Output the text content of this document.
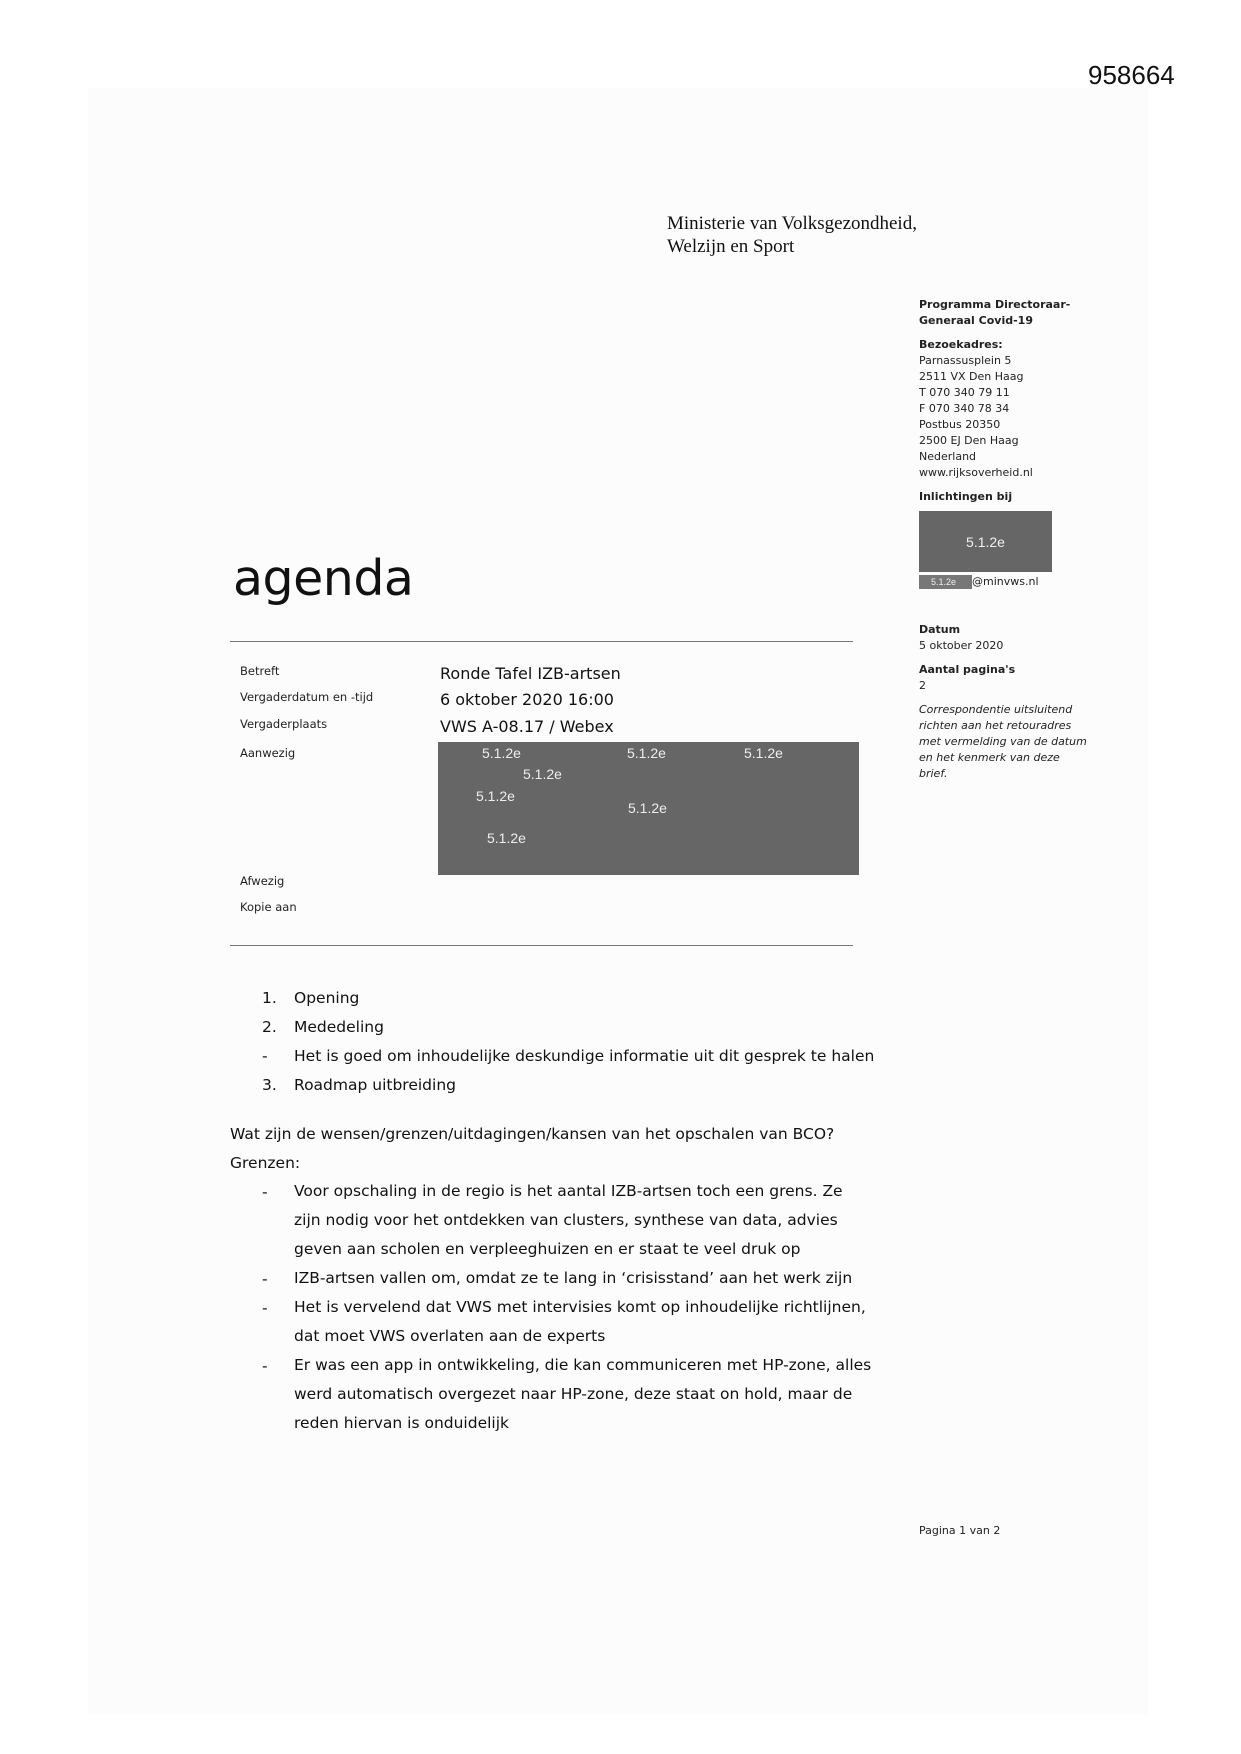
958664
Ministerie van Volksgezondheid,
Welzijn en Sport
Programma Directoraar-
Generaal Covid-19
Bezoekadres:
Parnassusplein 5
2511 VX Den Haag
T 070 340 79 11
F 070 340 78 34
Postbus 20350
2500 EJ Den Haag
Nederland
www.rijksoverheid.nl
Inlichtingen bij
5.1.2e
5.1.2e	@minvws.nl
Datum
5 oktober 2020
Aantal pagina's
2
Correspondentie uitsluitend
richten aan het retouradres
met vermelding van de datum
en het kenmerk van deze
brief.
agenda
Betreft	Ronde Tafel IZB-artsen
Vergaderdatum en -tijd	6 oktober 2020 16:00
Vergaderplaats	VWS A-08.17 / Webex
Aanwezig	5.1.2e	5.1.2e	5.1.2e
5.1.2e
5.1.2e
5.1.2e
5.1.2e
Afwezig
Kopie aan
1. Opening
2. Mededeling
- Het is goed om inhoudelijke deskundige informatie uit dit gesprek te halen
3. Roadmap uitbreiding
Wat zijn de wensen/grenzen/uitdagingen/kansen van het opschalen van BCO?
Grenzen:
- Voor opschaling in de regio is het aantal IZB-artsen toch een grens. Ze
zijn nodig voor het ontdekken van clusters, synthese van data, advies
geven aan scholen en verpleeghuizen en er staat te veel druk op
- IZB-artsen vallen om, omdat ze te lang in ‘crisisstand’ aan het werk zijn
- Het is vervelend dat VWS met intervisies komt op inhoudelijke richtlijnen,
dat moet VWS overlaten aan de experts
- Er was een app in ontwikkeling, die kan communiceren met HP-zone, alles
werd automatisch overgezet naar HP-zone, deze staat on hold, maar de
reden hiervan is onduidelijk
Pagina 1 van 2
